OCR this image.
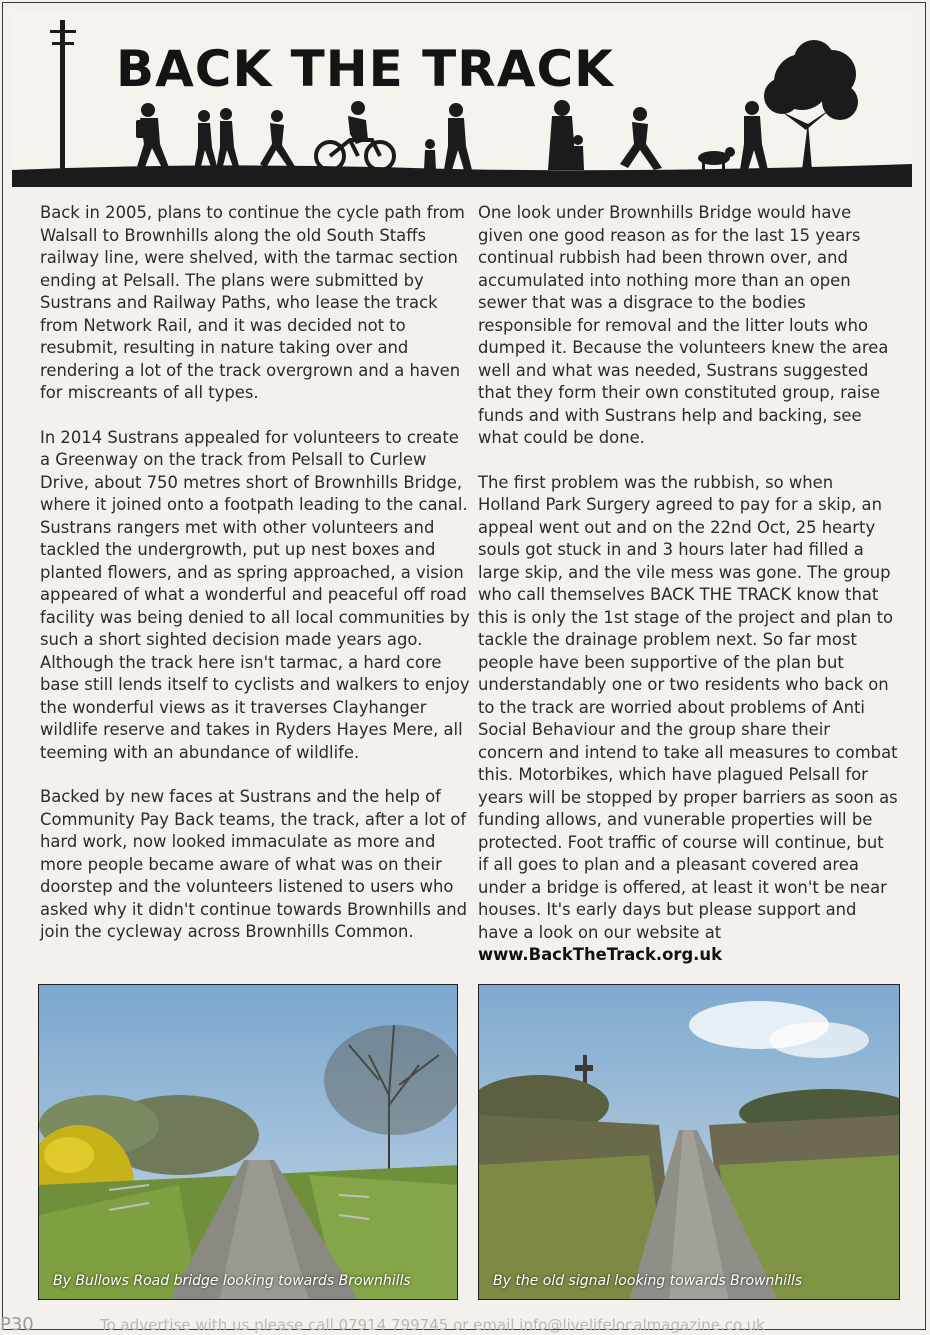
BACK THE TRACK

Back in 2005, plans to continue the cycle path from Walsall to Brownhills along the old South Staffs railway line, were shelved, with the tarmac section ending at Pelsall. The plans were submitted by Sustrans and Railway Paths, who lease the track from Network Rail, and it was decided not to resubmit, resulting in nature taking over and rendering a lot of the track overgrown and a haven for miscreants of all types.

In 2014 Sustrans appealed for volunteers to create a Greenway on the track from Pelsall to Curlew Drive, about 750 metres short of Brownhills Bridge, where it joined onto a footpath leading to the canal. Sustrans rangers met with other volunteers and tackled the undergrowth, put up nest boxes and planted flowers, and as spring approached, a vision appeared of what a wonderful and peaceful off road facility was being denied to all local communities by such a short sighted decision made years ago. Although the track here isn't tarmac, a hard core base still lends itself to cyclists and walkers to enjoy the wonderful views as it traverses Clayhanger wildlife reserve and takes in Ryders Hayes Mere, all teeming with an abundance of wildlife.

Backed by new faces at Sustrans and the help of Community Pay Back teams, the track, after a lot of hard work, now looked immaculate as more and more people became aware of what was on their doorstep and the volunteers listened to users who asked why it didn't continue towards Brownhills and join the cycleway across Brownhills Common.

One look under Brownhills Bridge would have given one good reason as for the last 15 years continual rubbish had been thrown over, and accumulated into nothing more than an open sewer that was a disgrace to the bodies responsible for removal and the litter louts who dumped it. Because the volunteers knew the area well and what was needed, Sustrans suggested that they form their own constituted group, raise funds and with Sustrans help and backing, see what could be done.

The first problem was the rubbish, so when Holland Park Surgery agreed to pay for a skip, an appeal went out and on the 22nd Oct, 25 hearty souls got stuck in and 3 hours later had filled a large skip, and the vile mess was gone. The group who call themselves BACK THE TRACK know that this is only the 1st stage of the project and plan to tackle the drainage problem next. So far most people have been supportive of the plan but understandably one or two residents who back on to the track are worried about problems of Anti Social Behaviour and the group share their concern and intend to take all measures to combat this. Motorbikes, which have plagued Pelsall for years will be stopped by proper barriers as soon as funding allows, and vunerable properties will be protected. Foot traffic of course will continue, but if all goes to plan and a pleasant covered area under a bridge is offered, at least it won't be near houses. It's early days but please support and have a look on our website at
www.BackTheTrack.org.uk

By Bullows Road bridge looking towards Brownhills	By the old signal looking towards Brownhills
P30	To advertise with us please call 07914 799745 or email info@livelifelocalmagazine.co.uk
